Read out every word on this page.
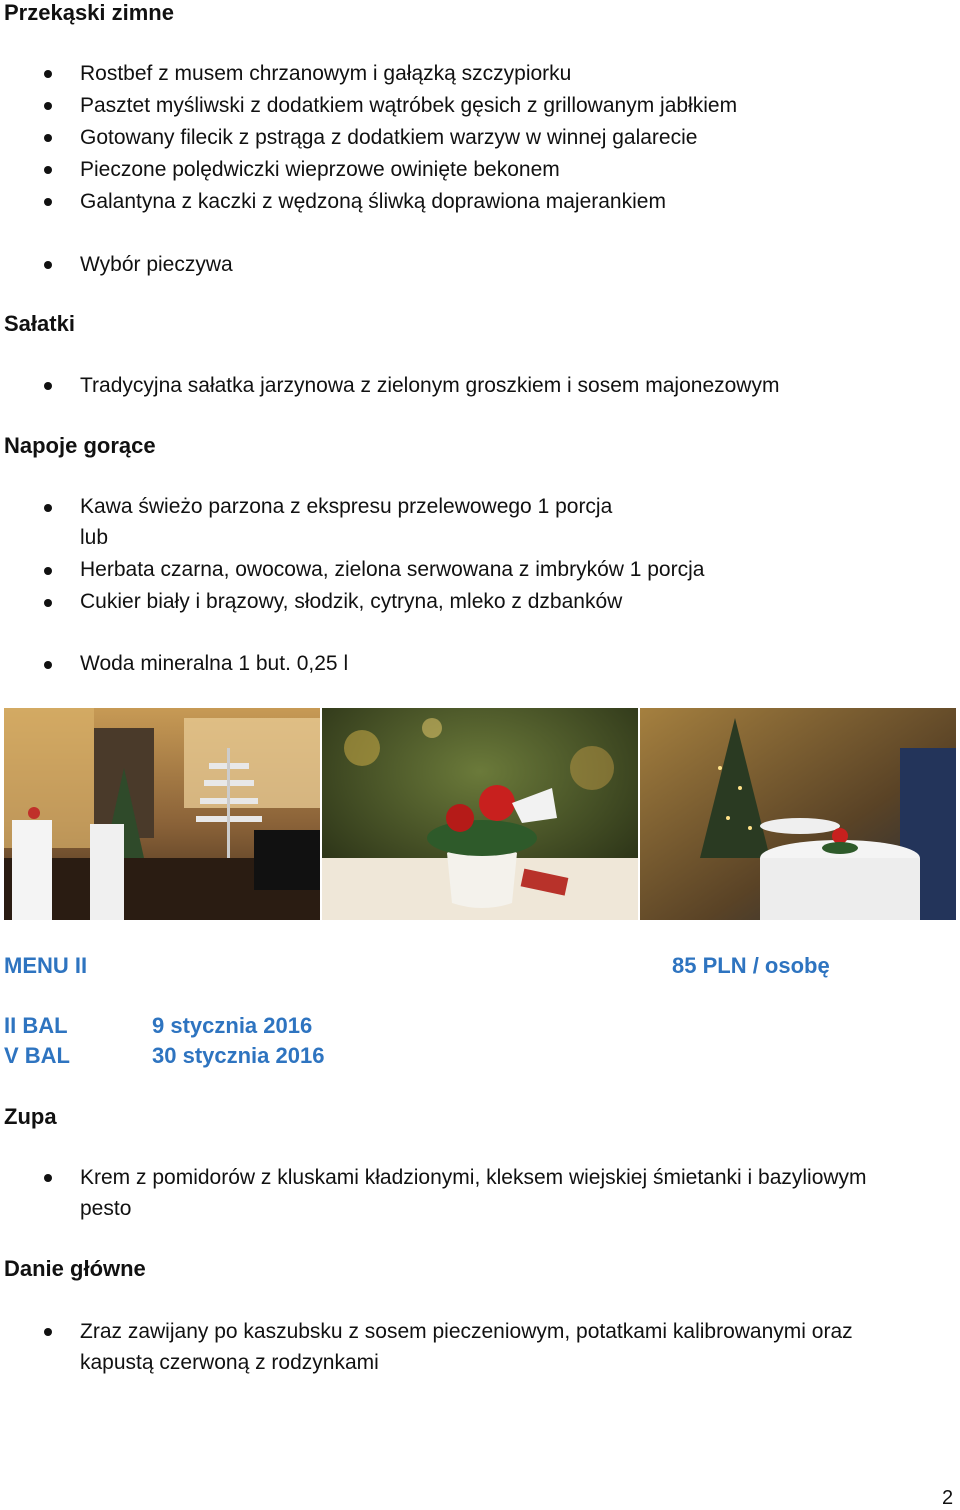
Przekąski zimne
Rostbef z musem chrzanowym i gałązką szczypiorku
Pasztet myśliwski z dodatkiem wątróbek gęsich z grillowanym jabłkiem
Gotowany filecik z pstrąga z dodatkiem warzyw w winnej galarecie
Pieczone polędwiczki wieprzowe owinięte bekonem
Galantyna z kaczki z wędzoną śliwką doprawiona majerankiem
Wybór pieczywa
Sałatki
Tradycyjna sałatka jarzynowa z zielonym groszkiem i sosem majonezowym
Napoje gorące
Kawa świeżo parzona z ekspresu przelewowego 1 porcja
lub
Herbata czarna, owocowa, zielona serwowana z imbryków 1 porcja
Cukier biały i brązowy, słodzik, cytryna, mleko z dzbanków
Woda mineralna 1 but. 0,25 l
MENU II	85 PLN / osobę
II BAL	9 stycznia 2016
V BAL	30 stycznia 2016
Zupa
Krem z pomidorów z kluskami kładzionymi, kleksem wiejskiej śmietanki i bazyliowym
pesto
Danie główne
Zraz zawijany po kaszubsku z sosem pieczeniowym, potatkami kalibrowanymi oraz
kapustą czerwoną z rodzynkami
2
